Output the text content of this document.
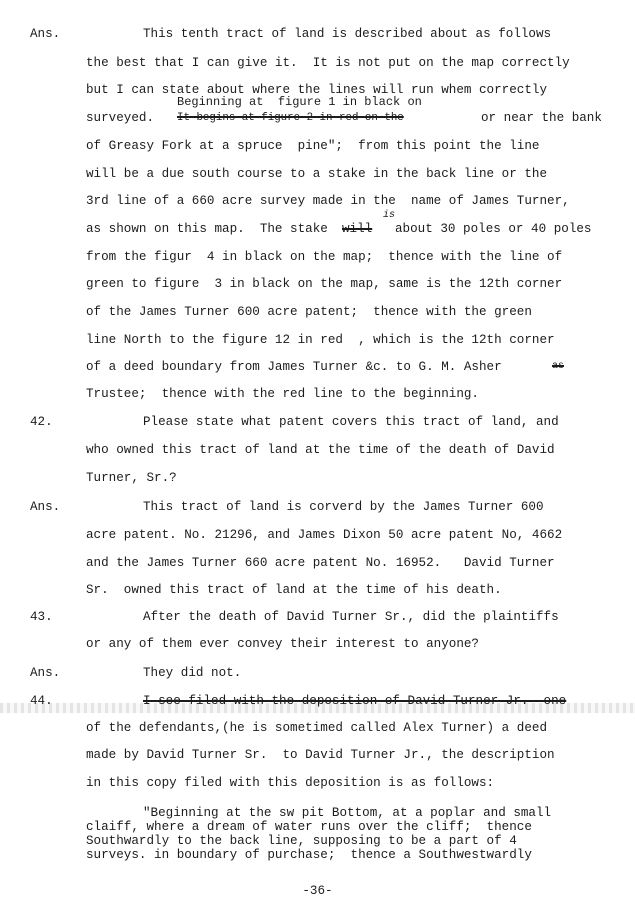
Ans.	This tenth tract of land is described about as follows
the best that I can give it.  It is not put on the map correctly
but I can state about where the lines will run whem correctly
Beginning at  figure 1 in black on
surveyed. It begins at figure 2 in red on the	or near the bank
of Greasy Fork at a spruce  pine";  from this point the line
will be a due south course to a stake in the back line or the
3rd line of a 660 acre survey made in the  name of James Turner,
as shown on this map.  The stake will
is
about 30 poles or 40 poles
from the figur  4 in black on the map;  thence with the line of
green to figure  3 in black on the map, same is the 12th corner
of the James Turner 600 acre patent;  thence with the green
line North to the figure 12 in red  , which is the 12th corner
of a deed boundary from James Turner &c. to G. M. Asher	as
Trustee;  thence with the red line to the beginning.
42.	Please state what patent covers this tract of land, and
who owned this tract of land at the time of the death of David
Turner, Sr.?
Ans.	This tract of land is corverd by the James Turner 600
acre patent. No. 21296, and James Dixon 50 acre patent No, 4662
and the James Turner 660 acre patent No. 16952.   David Turner
Sr.  owned this tract of land at the time of his death.
43.	After the death of David Turner Sr., did the plaintiffs
or any of them ever convey their interest to anyone?
Ans.	They did not.
44.	I see filed with the deposition of David Turner Jr.  one
of the defendants,(he is sometimed called Alex Turner) a deed
made by David Turner Sr.  to David Turner Jr., the description
in this copy filed with this deposition is as follows:
"Beginning at the sw pit Bottom, at a poplar and small
claiff, where a dream of water runs over the cliff;  thence
Southwardly to the back line, supposing to be a part of 4
surveys. in boundary of purchase;  thence a Southwestwardly
-36-
